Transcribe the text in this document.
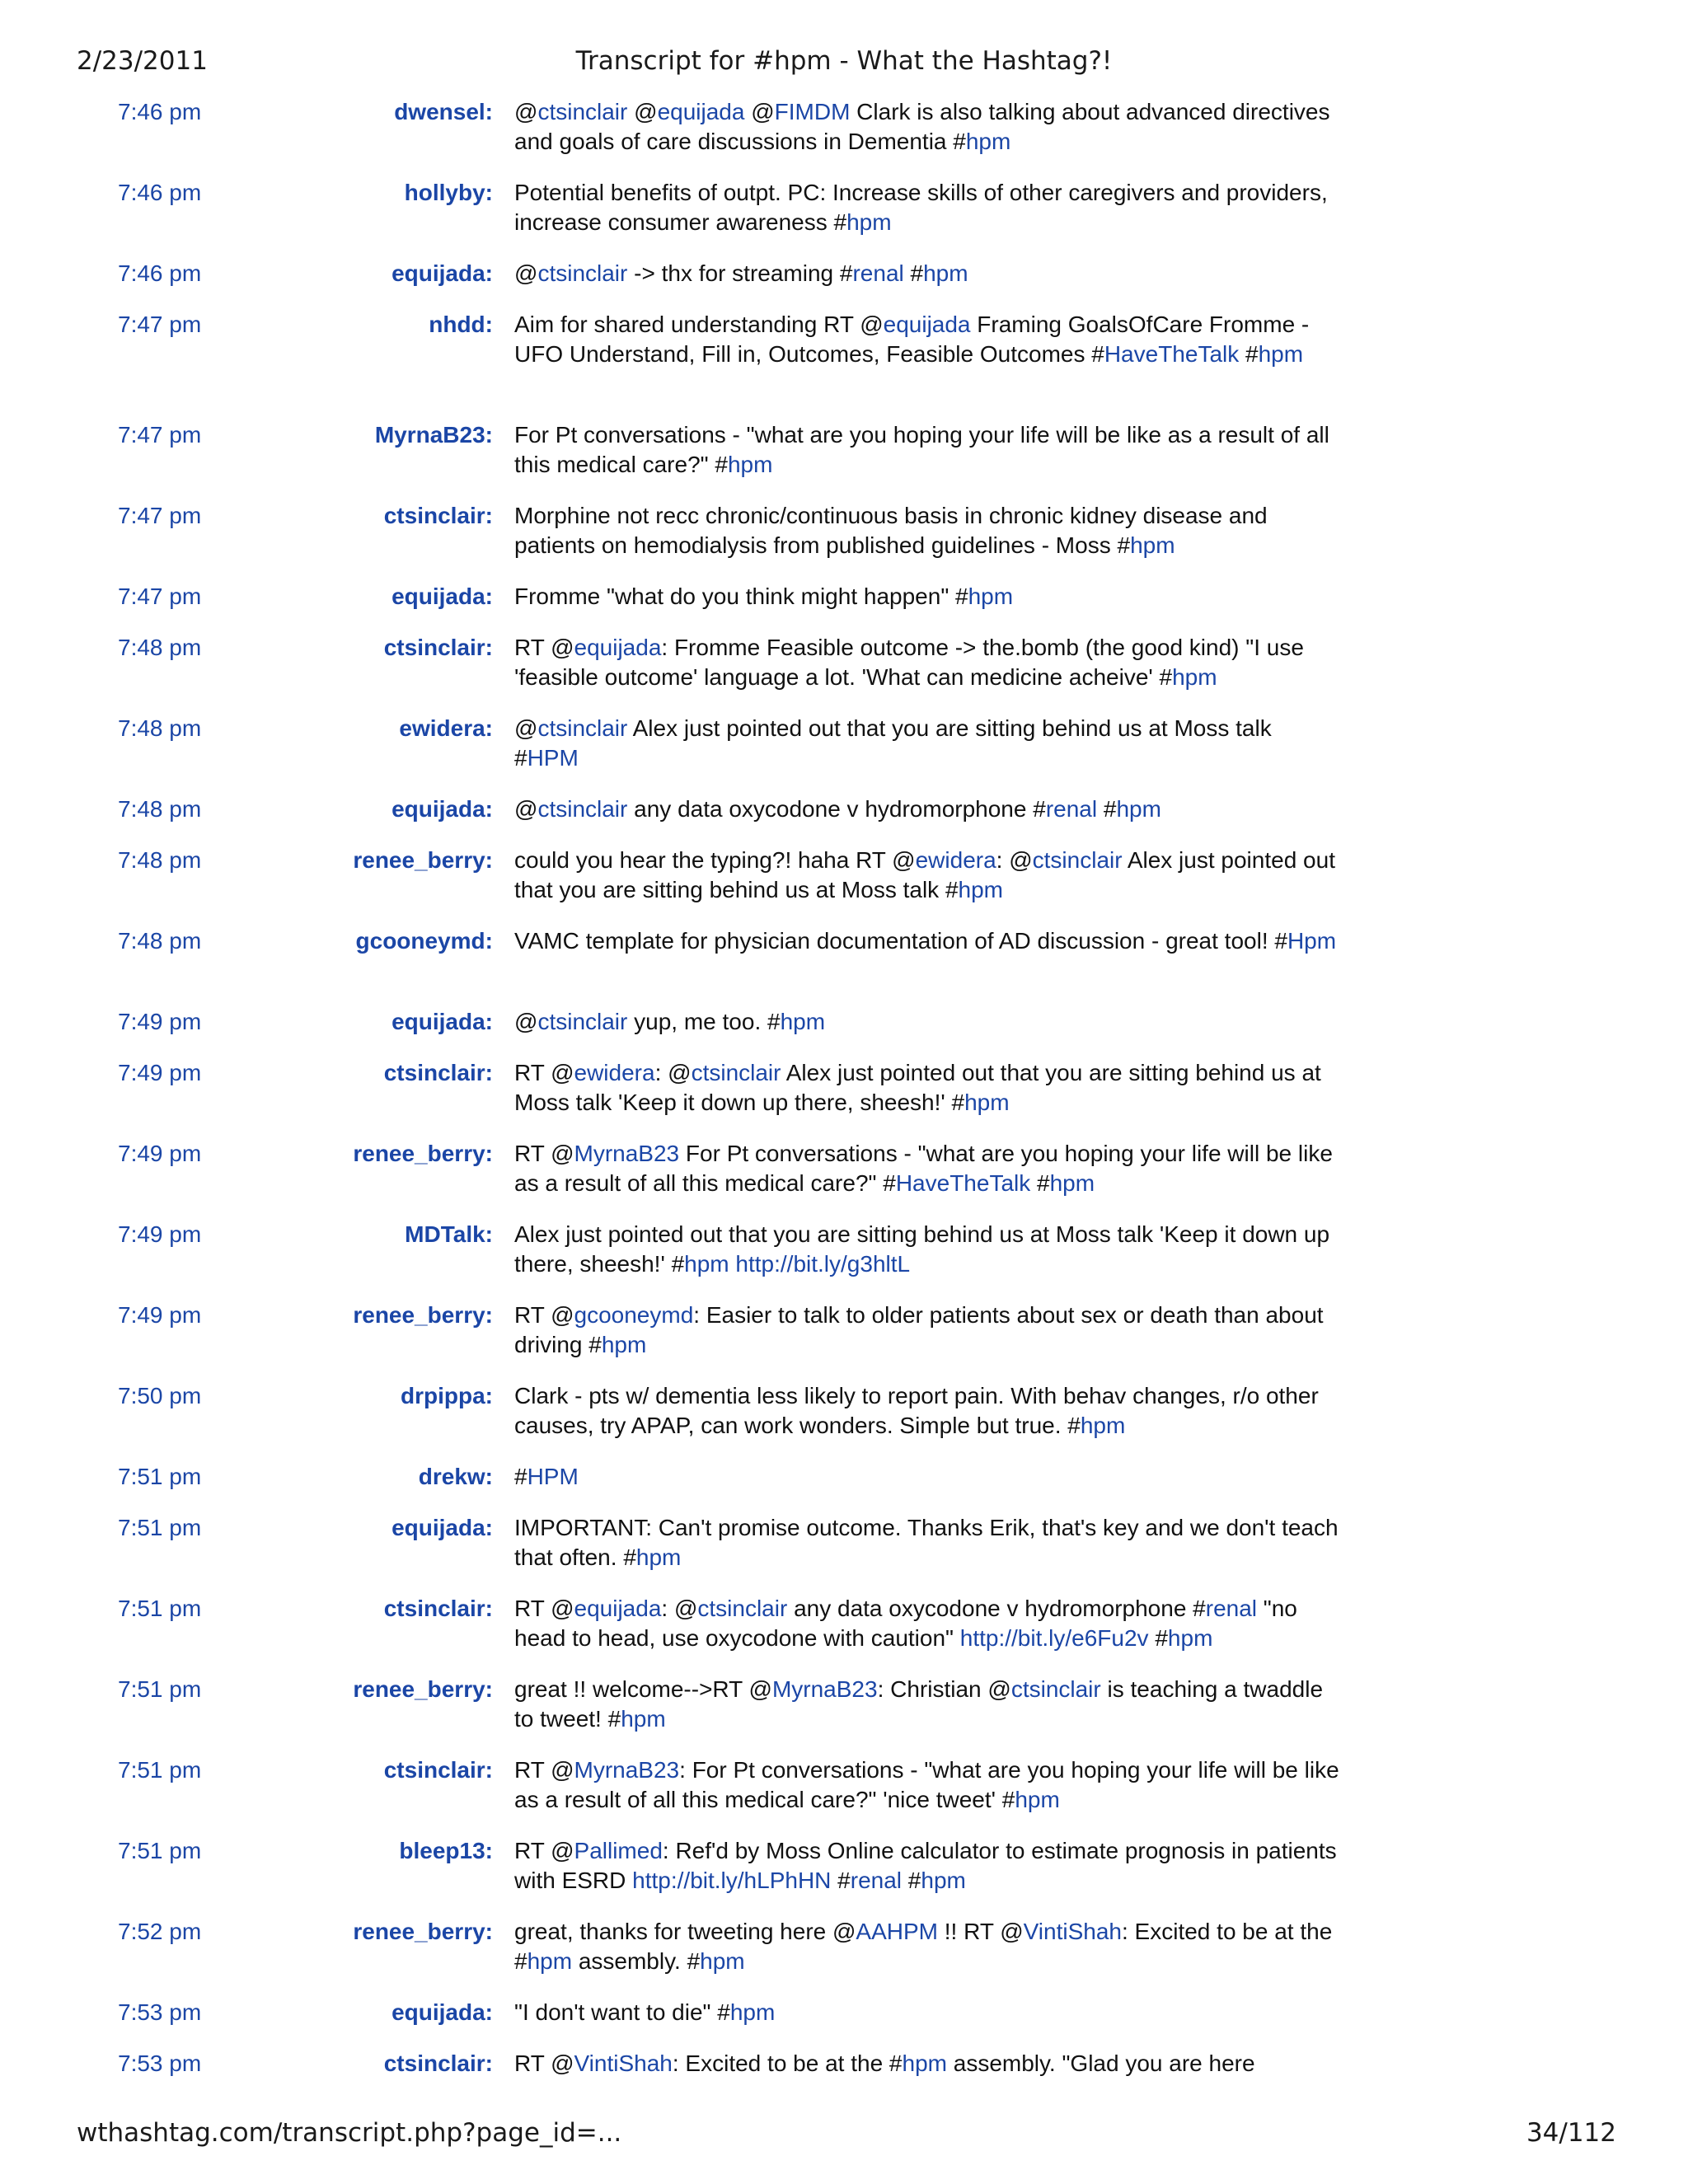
2/23/2011	Transcript for #hpm - What the Hashtag?!
7:46 pm	dwensel: @ctsinclair @equijada @FIMDM Clark is also talking about advanced directives and goals of care discussions in Dementia #hpm
7:46 pm	hollyby: Potential benefits of outpt. PC: Increase skills of other caregivers and providers, increase consumer awareness #hpm
7:46 pm	equijada: @ctsinclair -> thx for streaming #renal #hpm
7:47 pm	nhdd: Aim for shared understanding RT @equijada Framing GoalsOfCare Fromme -UFO Understand, Fill in, Outcomes, Feasible Outcomes #HaveTheTalk #hpm
7:47 pm	MyrnaB23: For Pt conversations - "what are you hoping your life will be like as a result of all this medical care?" #hpm
7:47 pm	ctsinclair: Morphine not recc chronic/continuous basis in chronic kidney disease and patients on hemodialysis from published guidelines - Moss #hpm
7:47 pm	equijada: Fromme "what do you think might happen" #hpm
7:48 pm	ctsinclair: RT @equijada: Fromme Feasible outcome -> the.bomb (the good kind) "I use 'feasible outcome' language a lot. 'What can medicine acheive' #hpm
7:48 pm	ewidera: @ctsinclair Alex just pointed out that you are sitting behind us at Moss talk #HPM
7:48 pm	equijada: @ctsinclair any data oxycodone v hydromorphone #renal #hpm
7:48 pm	renee_berry: could you hear the typing?! haha RT @ewidera: @ctsinclair Alex just pointed out that you are sitting behind us at Moss talk #hpm
7:48 pm	gcooneymd: VAMC template for physician documentation of AD discussion - great tool! #Hpm
7:49 pm	equijada: @ctsinclair yup, me too. #hpm
7:49 pm	ctsinclair: RT @ewidera: @ctsinclair Alex just pointed out that you are sitting behind us at Moss talk 'Keep it down up there, sheesh!' #hpm
7:49 pm	renee_berry: RT @MyrnaB23 For Pt conversations - "what are you hoping your life will be like as a result of all this medical care?" #HaveTheTalk #hpm
7:49 pm	MDTalk: Alex just pointed out that you are sitting behind us at Moss talk 'Keep it down up there, sheesh!' #hpm http://bit.ly/g3hltL
7:49 pm	renee_berry: RT @gcooneymd: Easier to talk to older patients about sex or death than about driving #hpm
7:50 pm	drpippa: Clark - pts w/ dementia less likely to report pain. With behav changes, r/o other causes, try APAP, can work wonders. Simple but true. #hpm
7:51 pm	drekw: #HPM
7:51 pm	equijada: IMPORTANT: Can't promise outcome. Thanks Erik, that's key and we don't teach that often. #hpm
7:51 pm	ctsinclair: RT @equijada: @ctsinclair any data oxycodone v hydromorphone #renal "no head to head, use oxycodone with caution" http://bit.ly/e6Fu2v #hpm
7:51 pm	renee_berry: great !! welcome-->RT @MyrnaB23: Christian @ctsinclair is teaching a twaddle to tweet! #hpm
7:51 pm	ctsinclair: RT @MyrnaB23: For Pt conversations - "what are you hoping your life will be like as a result of all this medical care?" 'nice tweet' #hpm
7:51 pm	bleep13: RT @Pallimed: Ref'd by Moss Online calculator to estimate prognosis in patients with ESRD http://bit.ly/hLPhHN #renal #hpm
7:52 pm	renee_berry: great, thanks for tweeting here @AAHPM !! RT @VintiShah: Excited to be at the #hpm assembly. #hpm
7:53 pm	equijada: "I don't want to die" #hpm
7:53 pm	ctsinclair: RT @VintiShah: Excited to be at the #hpm assembly. "Glad you are here
wthashtag.com/transcript.php?page_id=...	34/112
